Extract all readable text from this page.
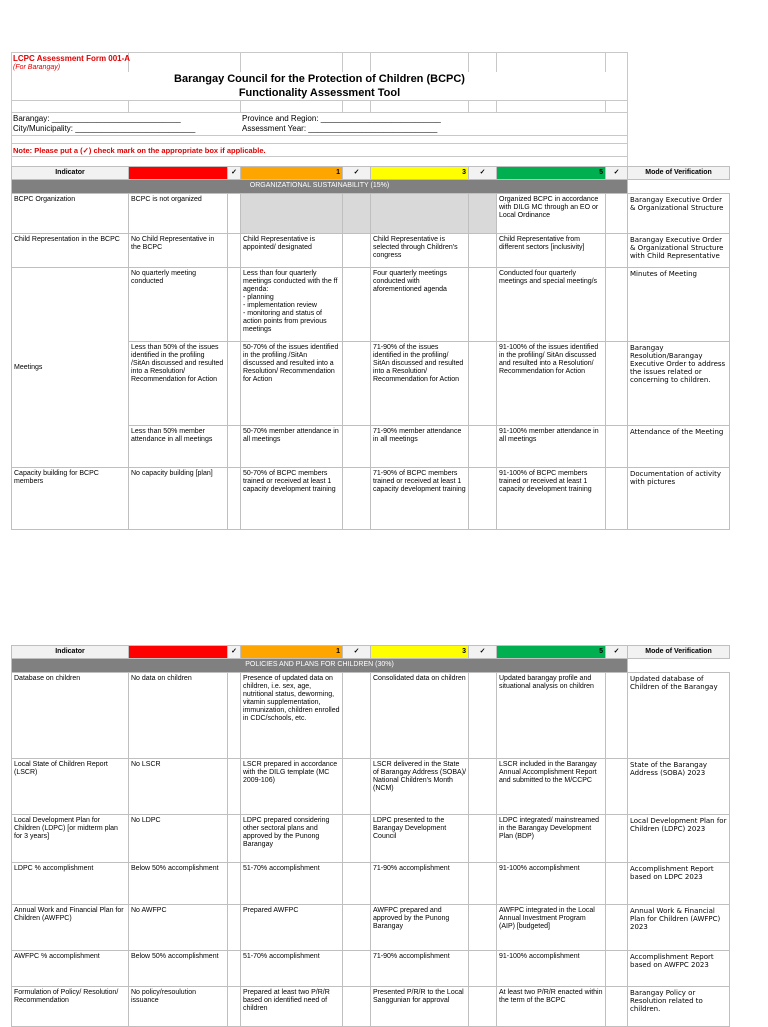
LCPC Assessment Form 001-A
(For Barangay)
Barangay Council for the Protection of Children (BCPC)
Functionality Assessment Tool
Barangay: _____________________________
City/Municipality: ___________________________
Province and Region: ___________________________
Assessment Year: _____________________________
Note: Please put a (✓) check mark on the appropriate box if applicable.
Indicator		✓	1	✓	3	✓	5	✓	Mode of Verification
ORGANIZATIONAL SUSTAINABILITY (15%)									
BCPC Organization	BCPC is not organized						Organized BCPC in accordance with DILG MC through an EO or Local Ordinance		Barangay Executive Order & Organizational Structure
Child Representation in the BCPC	No Child Representative in the BCPC		Child Representative is appointed/ designated		Child Representative is selected through Children's congress		Child Representative from different sectors [inclusivity]		Barangay Executive Order & Organizational Structure with Child Representative
Meetings	No quarterly meeting conducted		Less than four quarterly meetings conducted with the ff agenda:
- planning
- implementation review
- monitoring and status of action points from previous meetings		Four quarterly meetings conducted with aforementioned agenda		Conducted four quarterly meetings and special meeting/s		Minutes of Meeting
	Less than 50% of the issues identified in the profiling /SitAn discussed and resulted into a Resolution/ Recommendation for Action		50-70% of the issues identified in the profiling /SitAn discussed and resulted into a Resolution/ Recommendation for Action		71-90% of the issues identified in the profiling/ SitAn discussed and resulted into a Resolution/ Recommendation for Action		91-100% of the issues identified in the profiling/ SitAn discussed and resulted into a Resolution/ Recommendation for Action		Barangay Resolution/Barangay Executive Order to address the issues related or concerning to children.
	Less than 50% member attendance in all meetings		50-70% member attendance in all meetings		71-90% member attendance in all meetings		91-100% member attendance in all meetings		Attendance of the Meeting
Capacity building for BCPC members	No capacity building [plan]		50-70% of BCPC members trained or received at least 1 capacity development training		71-90% of BCPC members trained or received at least 1 capacity development training		91-100% of BCPC members trained or received at least 1 capacity development training		Documentation of activity with pictures
Indicator		✓	1	✓	3	✓	5	✓	Mode of Verification
POLICIES AND PLANS FOR CHILDREN (30%)									
Database on children	No data on children		Presence of updated data on children, i.e. sex, age, nutritional status, deworming, vitamin supplementation, immunization, children enrolled in CDC/schools, etc.		Consolidated data on children		Updated barangay profile and situational analysis on children		Updated database of Children of the Barangay
Local State of Children Report (LSCR)	No LSCR		LSCR prepared in accordance with the DILG template (MC 2009-106)		LSCR delivered in the State of Barangay Address (SOBA)/ National Children's Month (NCM)		LSCR included in the Barangay Annual Accomplishment Report and submitted to the M/CCPC		State of the Barangay Address (SOBA) 2023
Local Development Plan for Children (LDPC) [or midterm plan for 3 years]	No LDPC		LDPC prepared considering other sectoral plans and approved by the Punong Barangay		LDPC presented to the Barangay Development Council		LDPC integrated/ mainstreamed in the Barangay Development Plan (BDP)		Local Development Plan for Children (LDPC) 2023
LDPC % accomplishment	Below 50% accomplishment		51-70% accomplishment		71-90% accomplishment		91-100% accomplishment		Accomplishment Report based on LDPC 2023
Annual Work and Financial Plan for Children (AWFPC)	No AWFPC		Prepared AWFPC		AWFPC prepared and approved by the Punong Barangay		AWFPC integrated in the Local Annual Investment Program (AIP) [budgeted]		Annual Work & Financial Plan for Children (AWFPC) 2023
AWFPC % accomplishment	Below 50% accomplishment		51-70% accomplishment		71-90% accomplishment		91-100% accomplishment		Accomplishment Report based on AWFPC 2023
Formulation of Policy/ Resolution/ Recommendation	No policy/resoulution issuance		Prepared at least two P/R/R based on identified need of children		Presented P/R/R to the Local Sanggunian for approval		At least two P/R/R enacted within the term of the BCPC		Barangay Policy or Resolution related to children.
